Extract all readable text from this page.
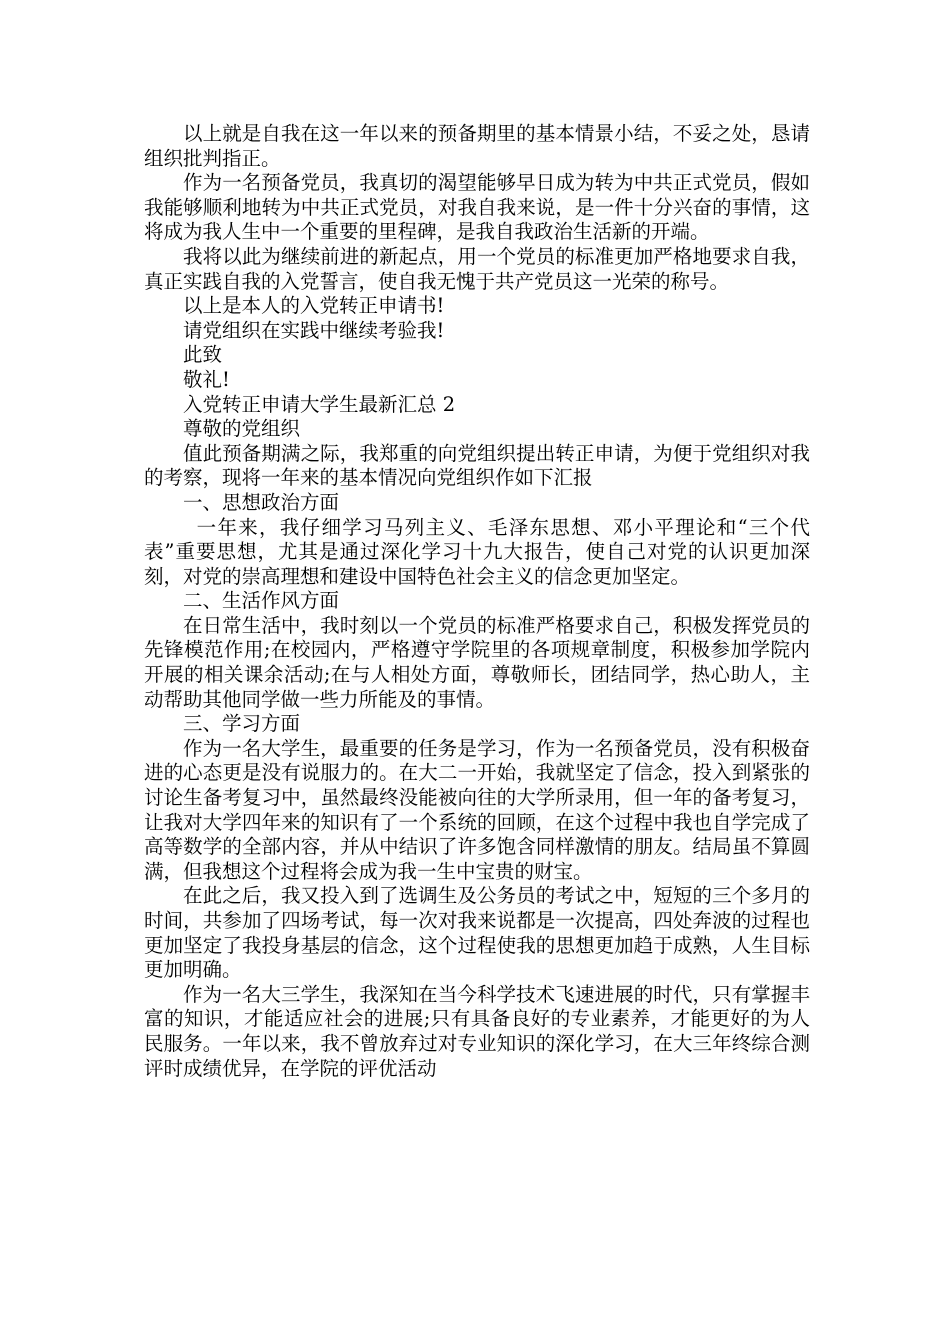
以上就是自我在这一年以来的预备期里的基本情景小结，不妥之处，恳请组织批判指正。

作为一名预备党员，我真切的渴望能够早日成为转为中共正式党员，假如我能够顺利地转为中共正式党员，对我自我来说，是一件十分兴奋的事情，这将成为我人生中一个重要的里程碑，是我自我政治生活新的开端。

我将以此为继续前进的新起点，用一个党员的标准更加严格地要求自我，真正实践自我的入党誓言，使自我无愧于共产党员这一光荣的称号。

以上是本人的入党转正申请书!

请党组织在实践中继续考验我!

此致

敬礼!

入党转正申请大学生最新汇总 2

尊敬的党组织

值此预备期满之际，我郑重的向党组织提出转正申请，为便于党组织对我的考察，现将一年来的基本情况向党组织作如下汇报

一、思想政治方面

一年来，我仔细学习马列主义、毛泽东思想、邓小平理论和“三个代表”重要思想，尤其是通过深化学习十九大报告，使自己对党的认识更加深刻，对党的崇高理想和建设中国特色社会主义的信念更加坚定。

二、生活作风方面

在日常生活中，我时刻以一个党员的标准严格要求自己，积极发挥党员的先锋模范作用;在校园内，严格遵守学院里的各项规章制度，积极参加学院内开展的相关课余活动;在与人相处方面，尊敬师长，团结同学，热心助人，主动帮助其他同学做一些力所能及的事情。

三、学习方面

作为一名大学生，最重要的任务是学习，作为一名预备党员，没有积极奋进的心态更是没有说服力的。在大二一开始，我就坚定了信念，投入到紧张的讨论生备考复习中，虽然最终没能被向往的大学所录用，但一年的备考复习，让我对大学四年来的知识有了一个系统的回顾，在这个过程中我也自学完成了高等数学的全部内容，并从中结识了许多饱含同样激情的朋友。结局虽不算圆满，但我想这个过程将会成为我一生中宝贵的财宝。

在此之后，我又投入到了选调生及公务员的考试之中，短短的三个多月的时间，共参加了四场考试，每一次对我来说都是一次提高，四处奔波的过程也更加坚定了我投身基层的信念，这个过程使我的思想更加趋于成熟，人生目标更加明确。

作为一名大三学生，我深知在当今科学技术飞速进展的时代，只有掌握丰富的知识，才能适应社会的进展;只有具备良好的专业素养，才能更好的为人民服务。一年以来，我不曾放弃过对专业知识的深化学习，在大三年终综合测评时成绩优异，在学院的评优活动
